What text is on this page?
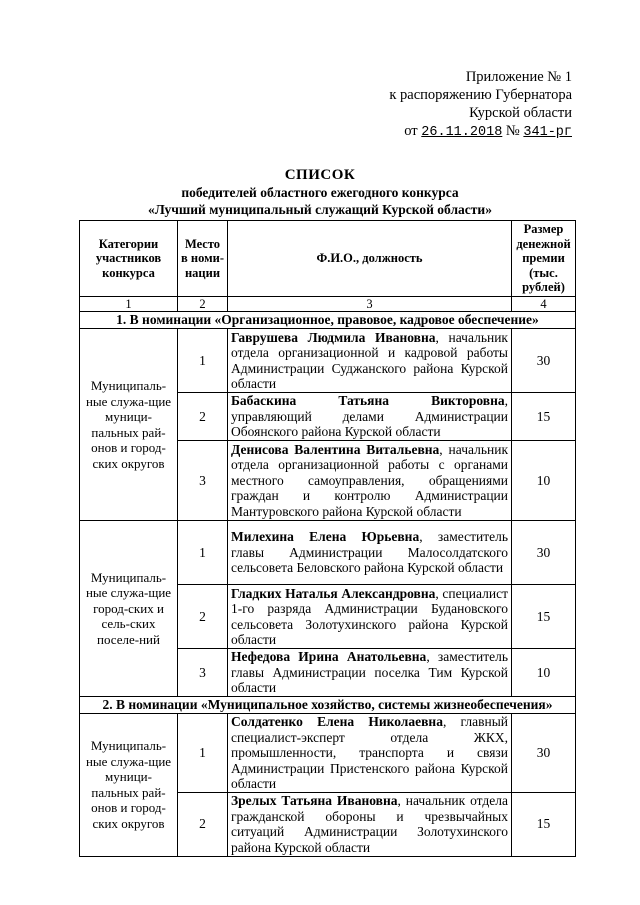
Приложение № 1
к распоряжению Губернатора
Курской области
от 26.11.2018 № 341-рг
СПИСОК
победителей областного ежегодного конкурса
«Лучший муниципальный служащий Курской области»
Категории участников конкурса	Место в номи-нации	Ф.И.О., должность	Размер денежной премии (тыс. рублей)
1	2	3	4
1. В номинации «Организационное, правовое, кадровое обеспечение»			
Муниципаль-ные служа-щие муници-пальных рай-онов и город-ских округов	1	Гаврушева Людмила Ивановна, начальник отдела организационной и кадровой работы Администрации Суджанского района Курской области	30
	2	Бабаскина Татьяна Викторовна, управляющий делами Администрации Обоянского района Курской области	15
	3	Денисова Валентина Витальевна, начальник отдела организационной работы с органами местного самоуправления, обращениями граждан и контролю Администрации Мантуровского района Курской области	10
Муниципаль-ные служа-щие город-ских и сель-ских поселе-ний	1	Милехина Елена Юрьевна, заместитель главы Администрации Малосолдатского сельсовета Беловского района Курской области	30
	2	Гладких Наталья Александровна, специалист 1-го разряда Администрации Будановского сельсовета Золотухинского района Курской области	15
	3	Нефедова Ирина Анатольевна, заместитель главы Администрации поселка Тим Курской области	10
2. В номинации «Муниципальное хозяйство, системы жизнеобеспечения»			
Муниципаль-ные служа-щие муници-пальных рай-онов и город-ских округов	1	Солдатенко Елена Николаевна, главный специалист-эксперт отдела ЖКХ, промышленности, транспорта и связи Администрации Пристенского района Курской области	30
	2	Зрелых Татьяна Ивановна, начальник отдела гражданской обороны и чрезвычайных ситуаций Администрации Золотухинского района Курской области	15
